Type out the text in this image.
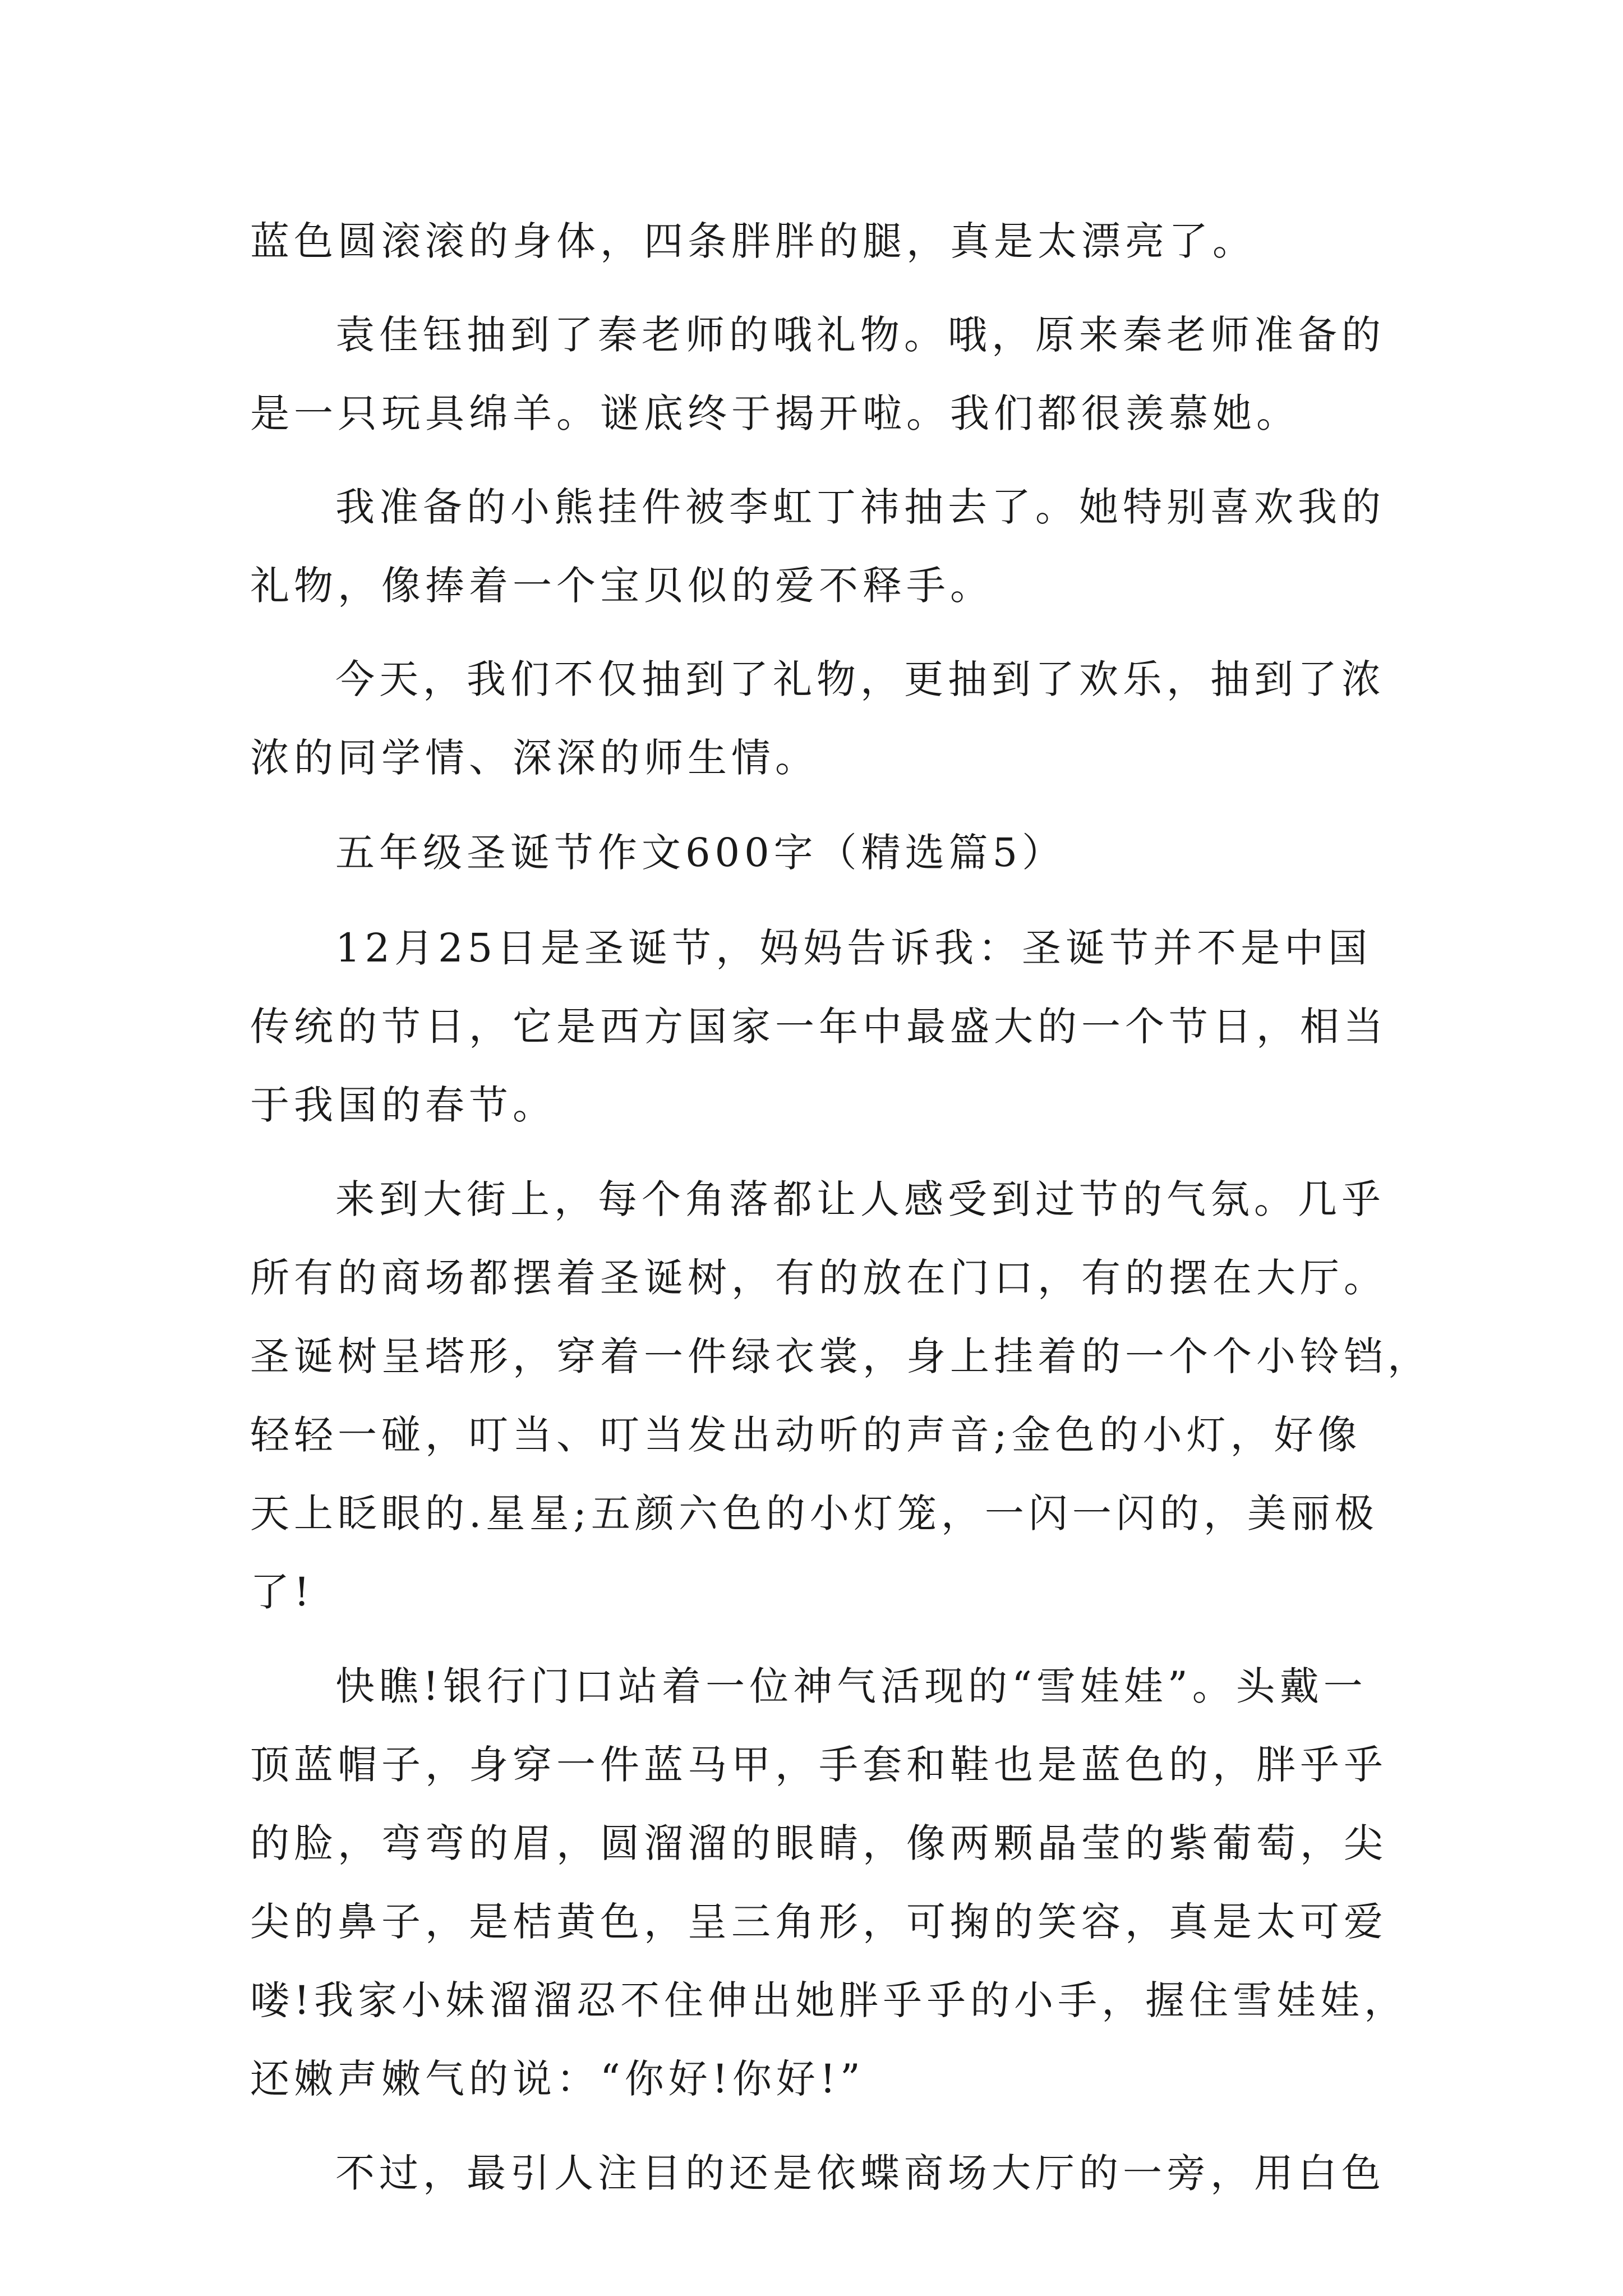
蓝色圆滚滚的身体，四条胖胖的腿，真是太漂亮了。
袁佳钰抽到了秦老师的哦礼物。哦，原来秦老师准备的
是一只玩具绵羊。谜底终于揭开啦。我们都很羡慕她。
我准备的小熊挂件被李虹丁祎抽去了。她特别喜欢我的
礼物，像捧着一个宝贝似的爱不释手。
今天，我们不仅抽到了礼物，更抽到了欢乐，抽到了浓
浓的同学情、深深的师生情。
五年级圣诞节作文600字（精选篇5）
12月25日是圣诞节，妈妈告诉我：圣诞节并不是中国
传统的节日，它是西方国家一年中最盛大的一个节日，相当
于我国的春节。
来到大街上，每个角落都让人感受到过节的气氛。几乎
所有的商场都摆着圣诞树，有的放在门口，有的摆在大厅。
圣诞树呈塔形，穿着一件绿衣裳，身上挂着的一个个小铃铛，
轻轻一碰，叮当、叮当发出动听的声音;金色的小灯，好像
天上眨眼的.星星;五颜六色的小灯笼，一闪一闪的，美丽极
了!
快瞧!银行门口站着一位神气活现的“雪娃娃”。头戴一
顶蓝帽子，身穿一件蓝马甲，手套和鞋也是蓝色的，胖乎乎
的脸，弯弯的眉，圆溜溜的眼睛，像两颗晶莹的紫葡萄，尖
尖的鼻子，是桔黄色，呈三角形，可掬的笑容，真是太可爱
喽!我家小妹溜溜忍不住伸出她胖乎乎的小手，握住雪娃娃，
还嫩声嫩气的说：“你好!你好!”
不过，最引人注目的还是依蝶商场大厅的一旁，用白色
